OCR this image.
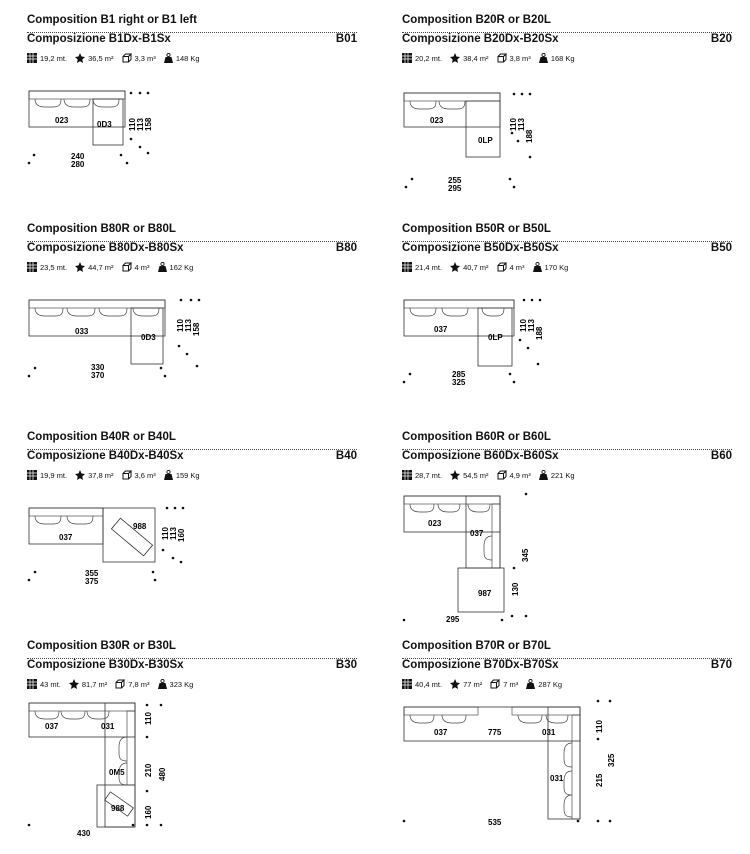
Composition B1 right or B1 left
Composizione B1Dx-B1Sx	B01
19,2 mt.	36,5 m²	3,3 m³	148 Kg
023	0D3
240
280
110 113 158
Composition B20R or B20L
Composizione B20Dx-B20Sx	B20
20,2 mt.	38,4 m²	3,8 m³	168 Kg
023
0LP
255
295
110 113
188
Composition B80R or B80L
Composizione B80Dx-B80Sx	B80
23,5 mt.	44,7 m²	4 m³	162 Kg
033
0D3
330
370
110 113 158
Composition B50R or B50L
Composizione B50Dx-B50Sx	B50
21,4 mt.	40,7 m²	4 m³	170 Kg
037
0LP
285
325
110 113
188
Composition B40R or B40L
Composizione B40Dx-B40Sx	B40
19,9 mt.	37,8 m²	3,6 m³	159 Kg
037
988
355
375
110 113 160
Composition B60R or B60L
Composizione B60Dx-B60Sx	B60
28,7 mt.	54,5 m²	4,9 m³	221 Kg
023
037
987
295
345
130
Composition B30R or B30L
Composizione B30Dx-B30Sx	B30
43 mt.	81,7 m²	7,8 m³	323 Kg
037	031
0M5
988
430
110
210
160
480
Composition B70R or B70L
Composizione B70Dx-B70Sx	B70
40,4 mt.	77 m²	7 m³	287 Kg
037	775	031
031
535
110
215
325
